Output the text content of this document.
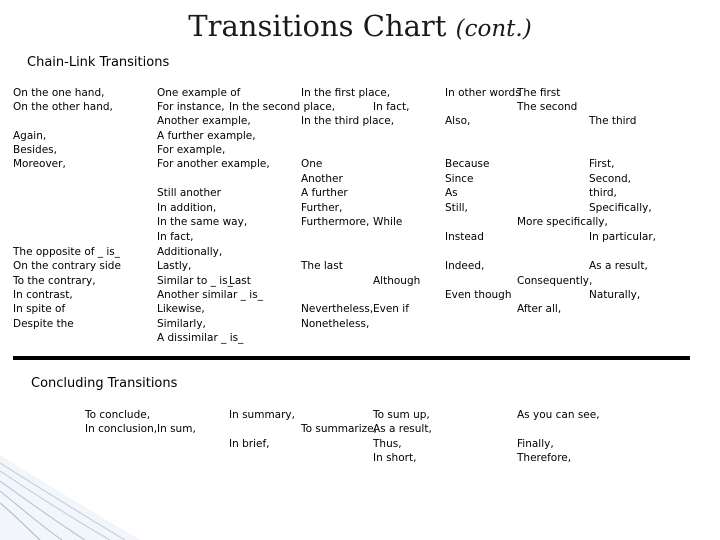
Transitions Chart (cont.)
Chain-Link Transitions
On the one hand,
On the other hand,
Again,
Besides,
Moreover,
The opposite of _ is_
On the contrary side
To the contrary,
In contrast,
In spite of
Despite the
One example of
For instance,
Another example,
A further example,
For example,
For another example,
Still another
In addition,
In the same way,
In fact,
Additionally,
Lastly,
Similar to _ is_
Another similar _ is_
Likewise,
Similarly,
A dissimilar _ is_
In the first place,
In the second place,
In the third place,
One
Another
A further
Further,
Furthermore,
The last
Nevertheless,
Nonetheless,
In fact,
While
Last	Although
Even if
In other words
Also,
Because
Since
As
Still,
Instead
Indeed,
Even though
The first
The second
More specifically,
Consequently,
After all,
The third
First,
Second,
third,
Specifically,
In particular,
As a result,
Naturally,
Concluding Transitions
To conclude,
In conclusion, In sum,
In summary,
In brief,
To sum up,
To summarize,
As a result,
Thus,
In short,
As you can see,
Finally,
Therefore,
